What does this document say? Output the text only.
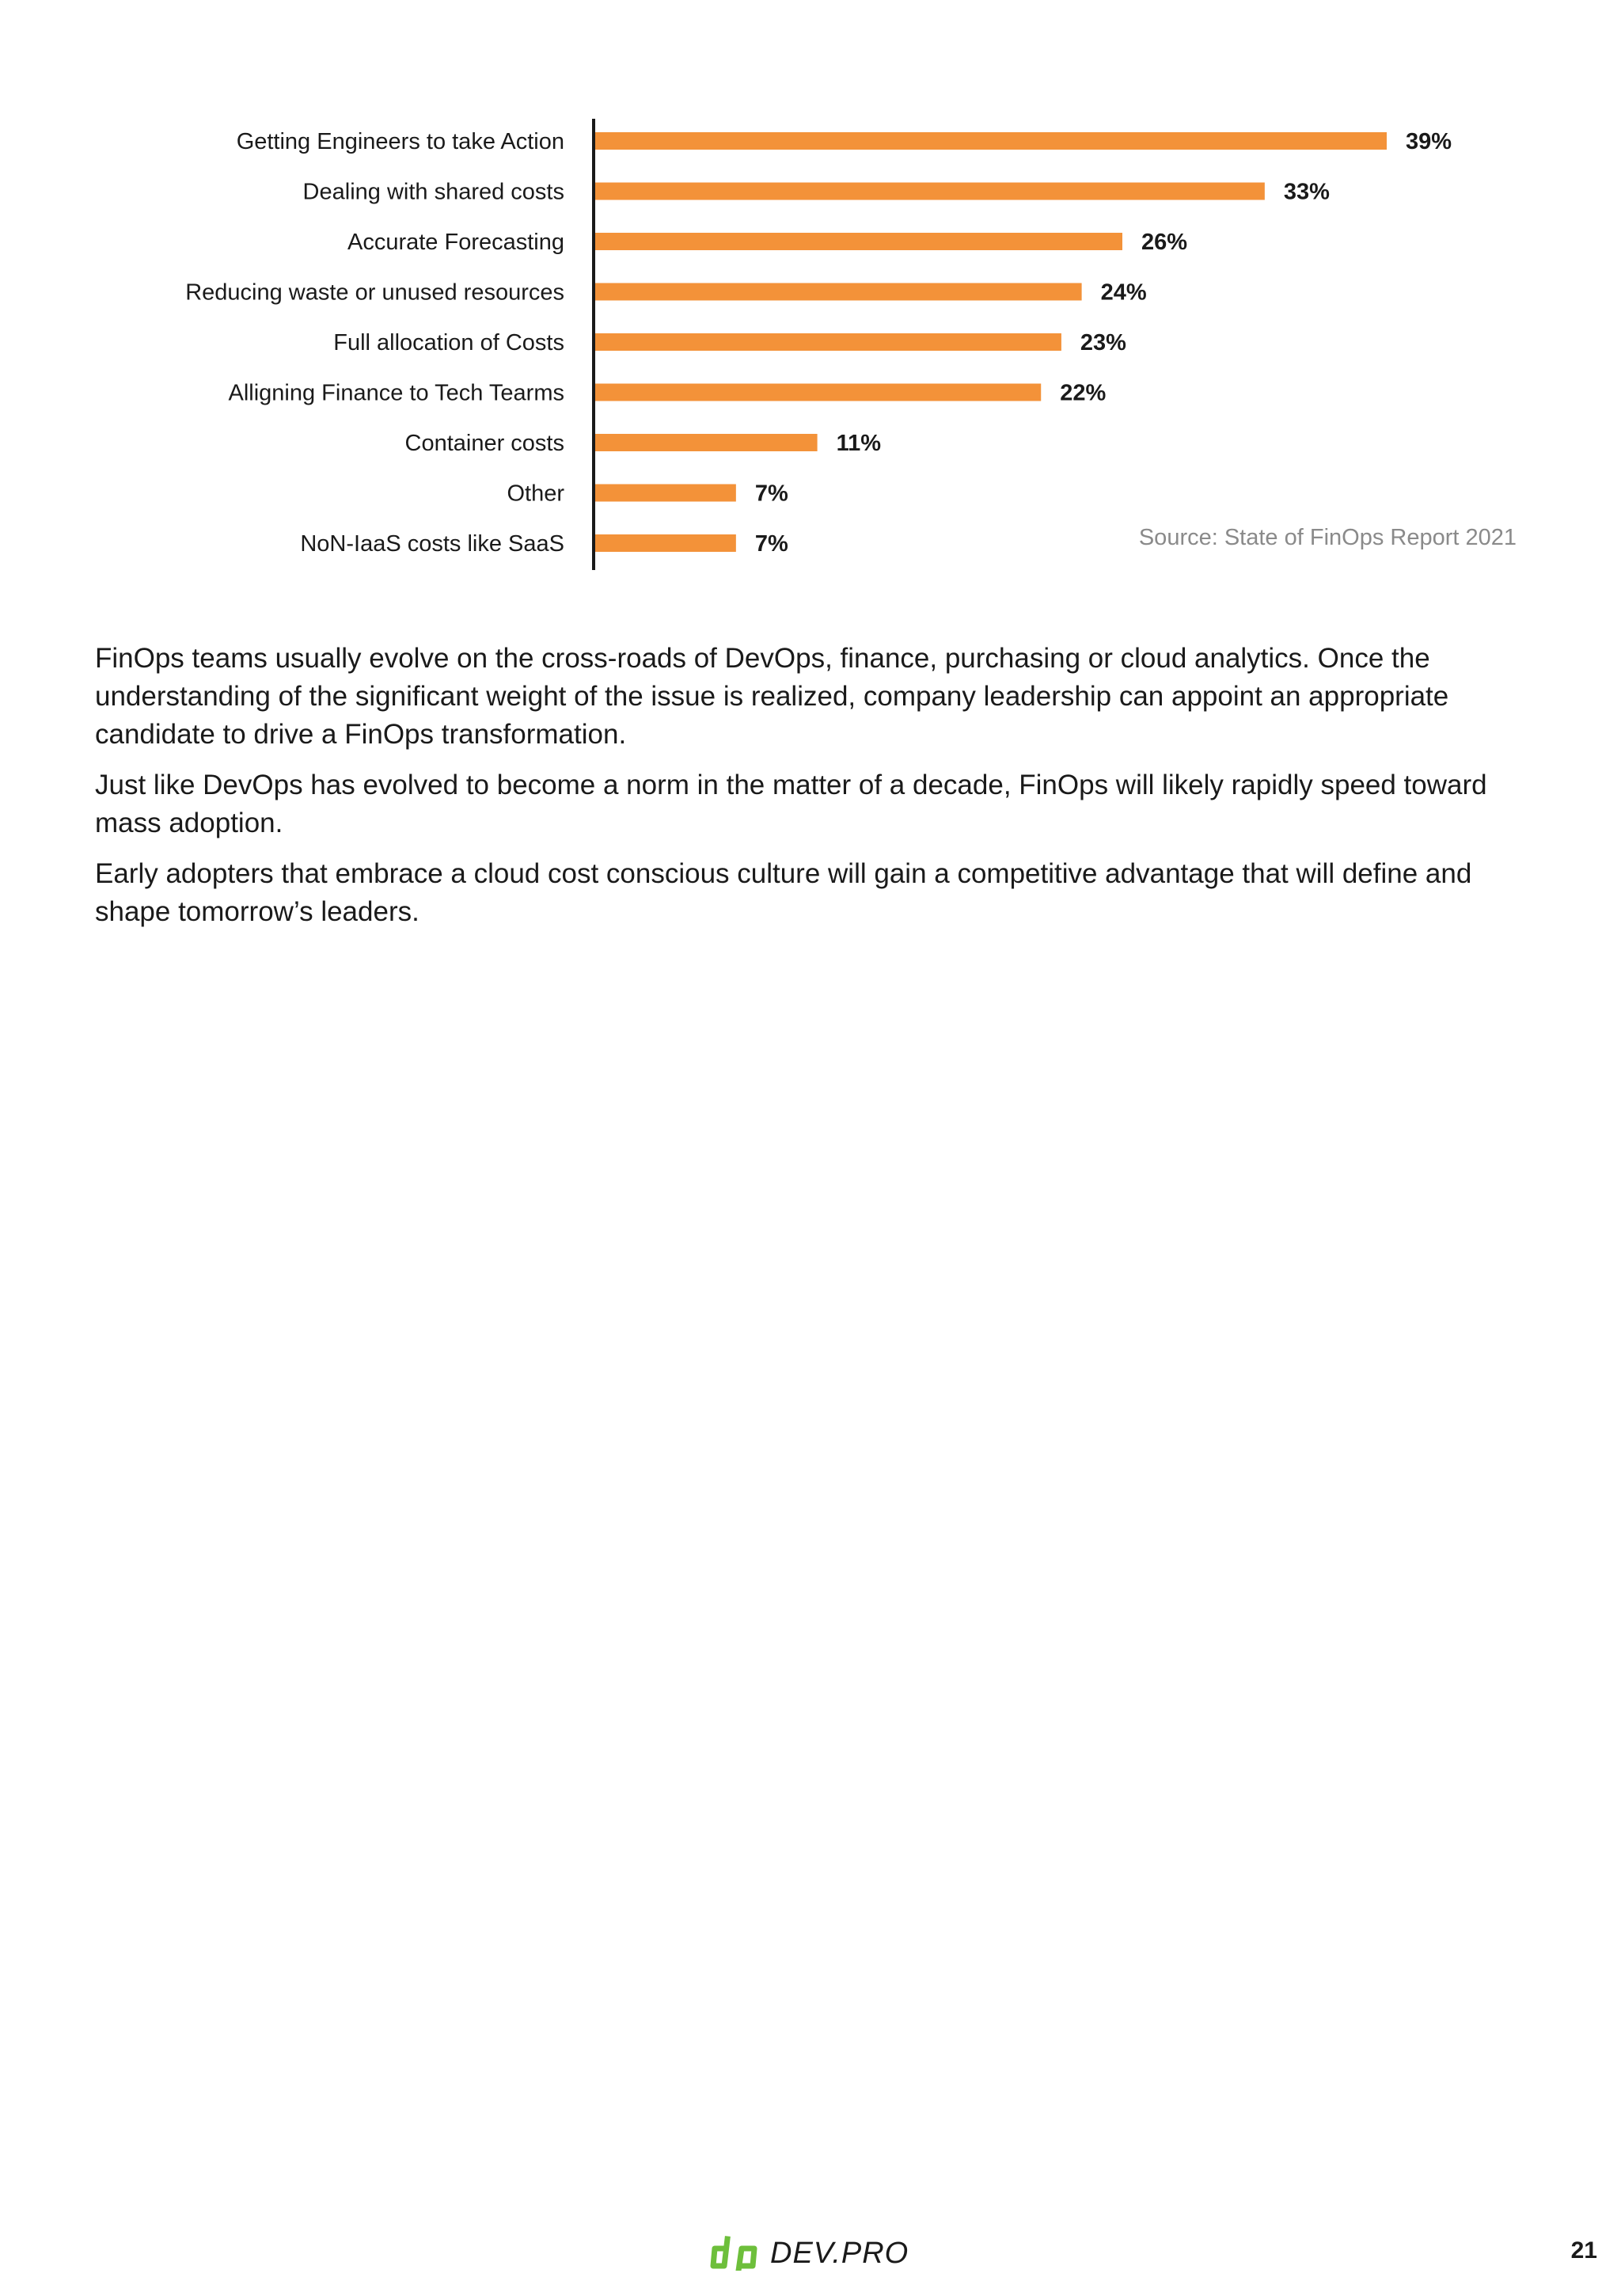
Getting Engineers to take Action	39%
Dealing with shared costs	33%
Accurate Forecasting	26%
Reducing waste or unused resources	24%
Full allocation of Costs	23%
Alligning Finance to Tech Tearms	22%
Container costs	11%
Other	7%
NoN-IaaS costs like SaaS	7%	Source: State of FinOps Report 2021

FinOps teams usually evolve on the cross-roads of DevOps, finance, purchasing or cloud analytics. Once the understanding of the significant weight of the issue is realized, company leadership can appoint an appropriate candidate to drive a FinOps transformation.

Just like DevOps has evolved to become a norm in the matter of a decade, FinOps will likely rapidly speed toward mass adoption.

Early adopters that embrace a cloud cost conscious culture will gain a competitive advantage that will define and shape tomorrow’s leaders.

DEV.PRO	21
